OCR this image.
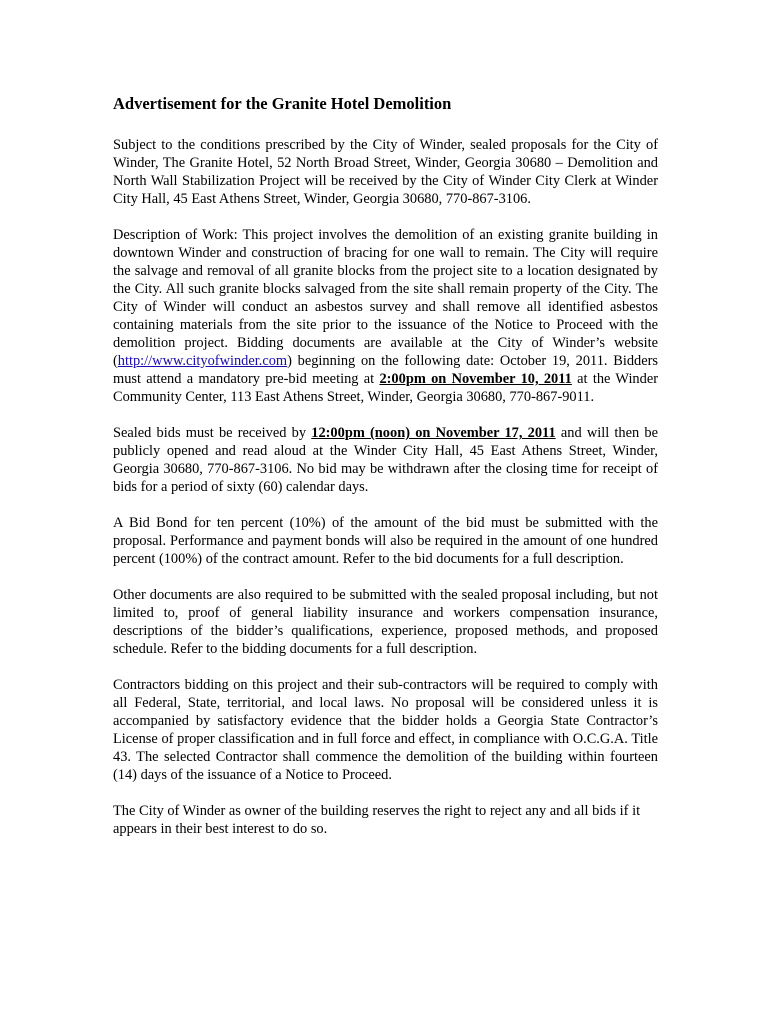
Advertisement for the Granite Hotel Demolition
Subject to the conditions prescribed by the City of Winder, sealed proposals for the City of Winder, The Granite Hotel, 52 North Broad Street, Winder, Georgia 30680 – Demolition and North Wall Stabilization Project will be received by the City of Winder City Clerk at Winder City Hall, 45 East Athens Street, Winder, Georgia 30680, 770-867-3106.
Description of Work: This project involves the demolition of an existing granite building in downtown Winder and construction of bracing for one wall to remain. The City will require the salvage and removal of all granite blocks from the project site to a location designated by the City. All such granite blocks salvaged from the site shall remain property of the City. The City of Winder will conduct an asbestos survey and shall remove all identified asbestos containing materials from the site prior to the issuance of the Notice to Proceed with the demolition project. Bidding documents are available at the City of Winder’s website (http://www.cityofwinder.com) beginning on the following date: October 19, 2011. Bidders must attend a mandatory pre-bid meeting at 2:00pm on November 10, 2011 at the Winder Community Center, 113 East Athens Street, Winder, Georgia 30680, 770-867-9011.
Sealed bids must be received by 12:00pm (noon) on November 17, 2011 and will then be publicly opened and read aloud at the Winder City Hall, 45 East Athens Street, Winder, Georgia 30680, 770-867-3106. No bid may be withdrawn after the closing time for receipt of bids for a period of sixty (60) calendar days.
A Bid Bond for ten percent (10%) of the amount of the bid must be submitted with the proposal. Performance and payment bonds will also be required in the amount of one hundred percent (100%) of the contract amount. Refer to the bid documents for a full description.
Other documents are also required to be submitted with the sealed proposal including, but not limited to, proof of general liability insurance and workers compensation insurance, descriptions of the bidder’s qualifications, experience, proposed methods, and proposed schedule. Refer to the bidding documents for a full description.
Contractors bidding on this project and their sub-contractors will be required to comply with all Federal, State, territorial, and local laws. No proposal will be considered unless it is accompanied by satisfactory evidence that the bidder holds a Georgia State Contractor’s License of proper classification and in full force and effect, in compliance with O.C.G.A. Title 43. The selected Contractor shall commence the demolition of the building within fourteen (14) days of the issuance of a Notice to Proceed.
The City of Winder as owner of the building reserves the right to reject any and all bids if it appears in their best interest to do so.
